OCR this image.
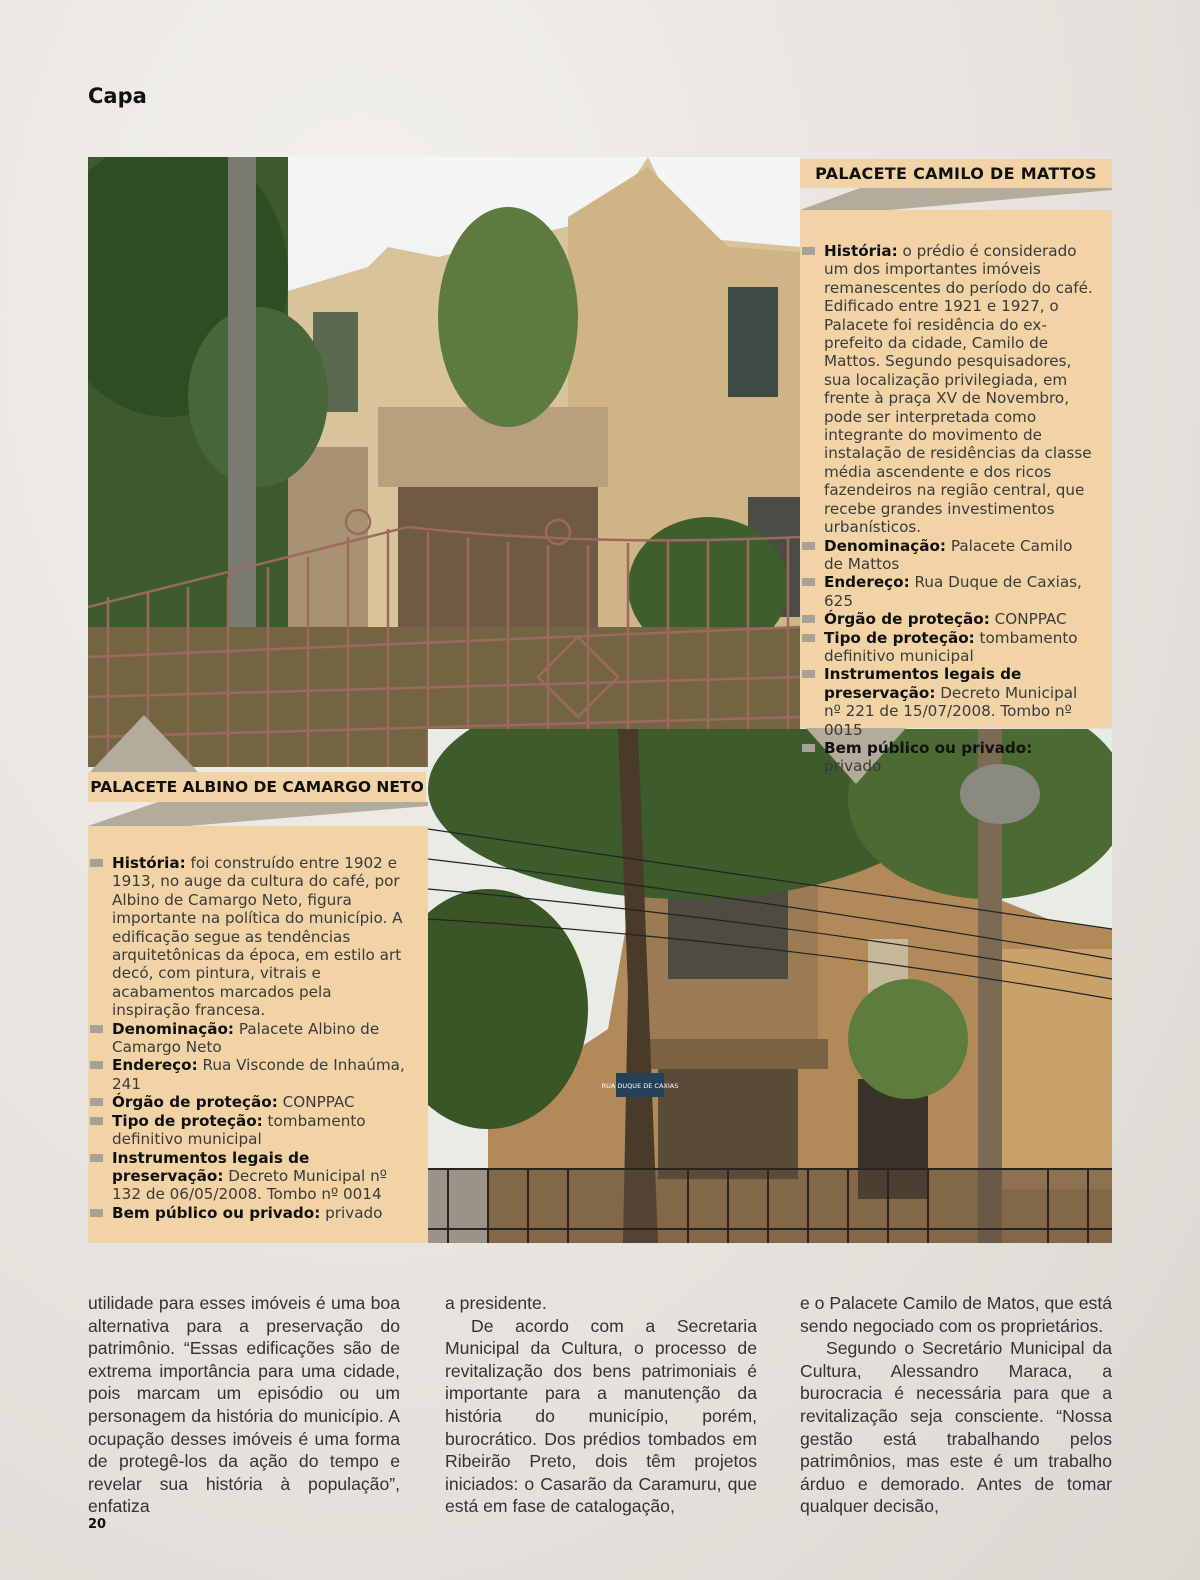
Capa
RUA DUQUE DE CAXIAS
PALACETE CAMILO DE MATTOS
PALACETE ALBINO DE CAMARGO NETO
História: o prédio é considerado um dos importantes imóveis remanescentes do período do café. Edificado entre 1921 e 1927, o Palacete foi residência do ex-prefeito da cidade, Camilo de Mattos. Segundo pesquisadores, sua localização privilegiada, em frente à praça XV de Novembro, pode ser interpretada como integrante do movimento de instalação de residências da classe média ascendente e dos ricos fazendeiros na região central, que recebe grandes investimentos urbanísticos.
Denominação: Palacete Camilo de Mattos
Endereço: Rua Duque de Caxias, 625
Órgão de proteção: CONPPAC
Tipo de proteção: tombamento definitivo municipal
Instrumentos legais de preservação: Decreto Municipal nº 221 de 15/07/2008. Tombo nº 0015
Bem público ou privado: privado
História: foi construído entre 1902 e 1913, no auge da cultura do café, por Albino de Camargo Neto, figura importante na política do município. A edificação segue as tendências arquitetônicas da época, em estilo art decó, com pintura, vitrais e acabamentos marcados pela inspiração francesa.
Denominação: Palacete Albino de Camargo Neto
Endereço: Rua Visconde de Inhaúma, 241
Órgão de proteção: CONPPAC
Tipo de proteção: tombamento definitivo municipal
Instrumentos legais de preservação: Decreto Municipal nº 132 de 06/05/2008. Tombo nº 0014
Bem público ou privado: privado

utilidade para esses imóveis é uma boa alternativa para a preservação do patrimônio. “Essas edificações são de extrema importância para uma cidade, pois marcam um episódio ou um personagem da história do município. A ocupação desses imóveis é uma forma de protegê-los da ação do tempo e revelar sua história à população”, enfatiza

a presidente.

De acordo com a Secretaria Municipal da Cultura, o processo de revitalização dos bens patrimoniais é importante para a manutenção da história do município, porém, burocrático. Dos prédios tombados em Ribeirão Preto, dois têm projetos iniciados: o Casarão da Caramuru, que está em fase de catalogação,

e o Palacete Camilo de Matos, que está sendo negociado com os proprietários.

Segundo o Secretário Municipal da Cultura, Alessandro Maraca, a burocracia é necessária para que a revitalização seja consciente. “Nossa gestão está trabalhando pelos patrimônios, mas este é um trabalho árduo e demorado. Antes de tomar qualquer decisão,

20
